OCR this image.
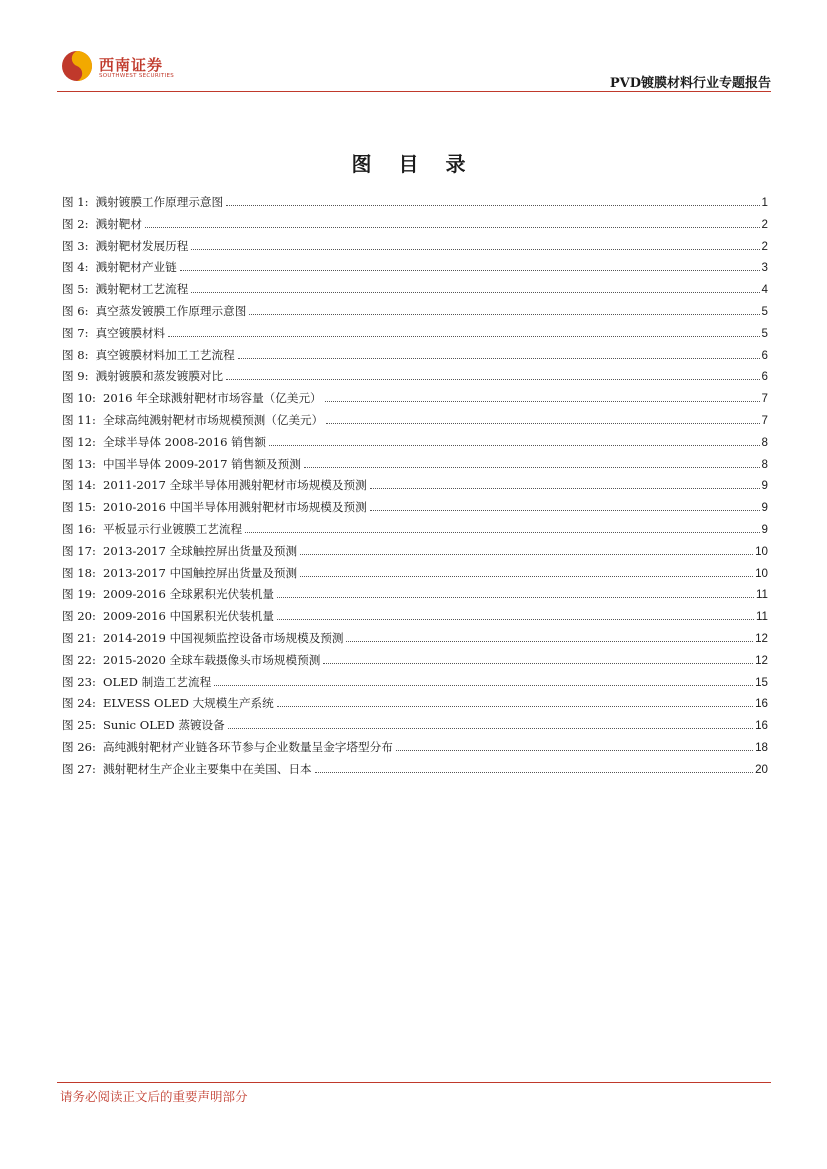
西南证券
SOUTHWEST SECURITIES	PVD镀膜材料行业专题报告
图 目 录
图 1: 溅射镀膜工作原理示意图	1
图 2: 溅射靶材	2
图 3: 溅射靶材发展历程	2
图 4: 溅射靶材产业链	3
图 5: 溅射靶材工艺流程	4
图 6: 真空蒸发镀膜工作原理示意图	5
图 7: 真空镀膜材料	5
图 8: 真空镀膜材料加工工艺流程	6
图 9: 溅射镀膜和蒸发镀膜对比	6
图 10: 2016 年全球溅射靶材市场容量（亿美元）	7
图 11: 全球高纯溅射靶材市场规模预测（亿美元）	7
图 12: 全球半导体 2008-2016 销售额	8
图 13: 中国半导体 2009-2017 销售额及预测	8
图 14: 2011-2017 全球半导体用溅射靶材市场规模及预测	9
图 15: 2010-2016 中国半导体用溅射靶材市场规模及预测	9
图 16: 平板显示行业镀膜工艺流程	9
图 17: 2013-2017 全球触控屏出货量及预测	10
图 18: 2013-2017 中国触控屏出货量及预测	10
图 19: 2009-2016 全球累积光伏装机量	11
图 20: 2009-2016 中国累积光伏装机量	11
图 21: 2014-2019 中国视频监控设备市场规模及预测	12
图 22: 2015-2020 全球车载摄像头市场规模预测	12
图 23: OLED 制造工艺流程	15
图 24: ELVESS OLED 大规模生产系统	16
图 25: Sunic OLED 蒸镀设备	16
图 26: 高纯溅射靶材产业链各环节参与企业数量呈金字塔型分布	18
图 27: 溅射靶材生产企业主要集中在美国、日本	20
请务必阅读正文后的重要声明部分
